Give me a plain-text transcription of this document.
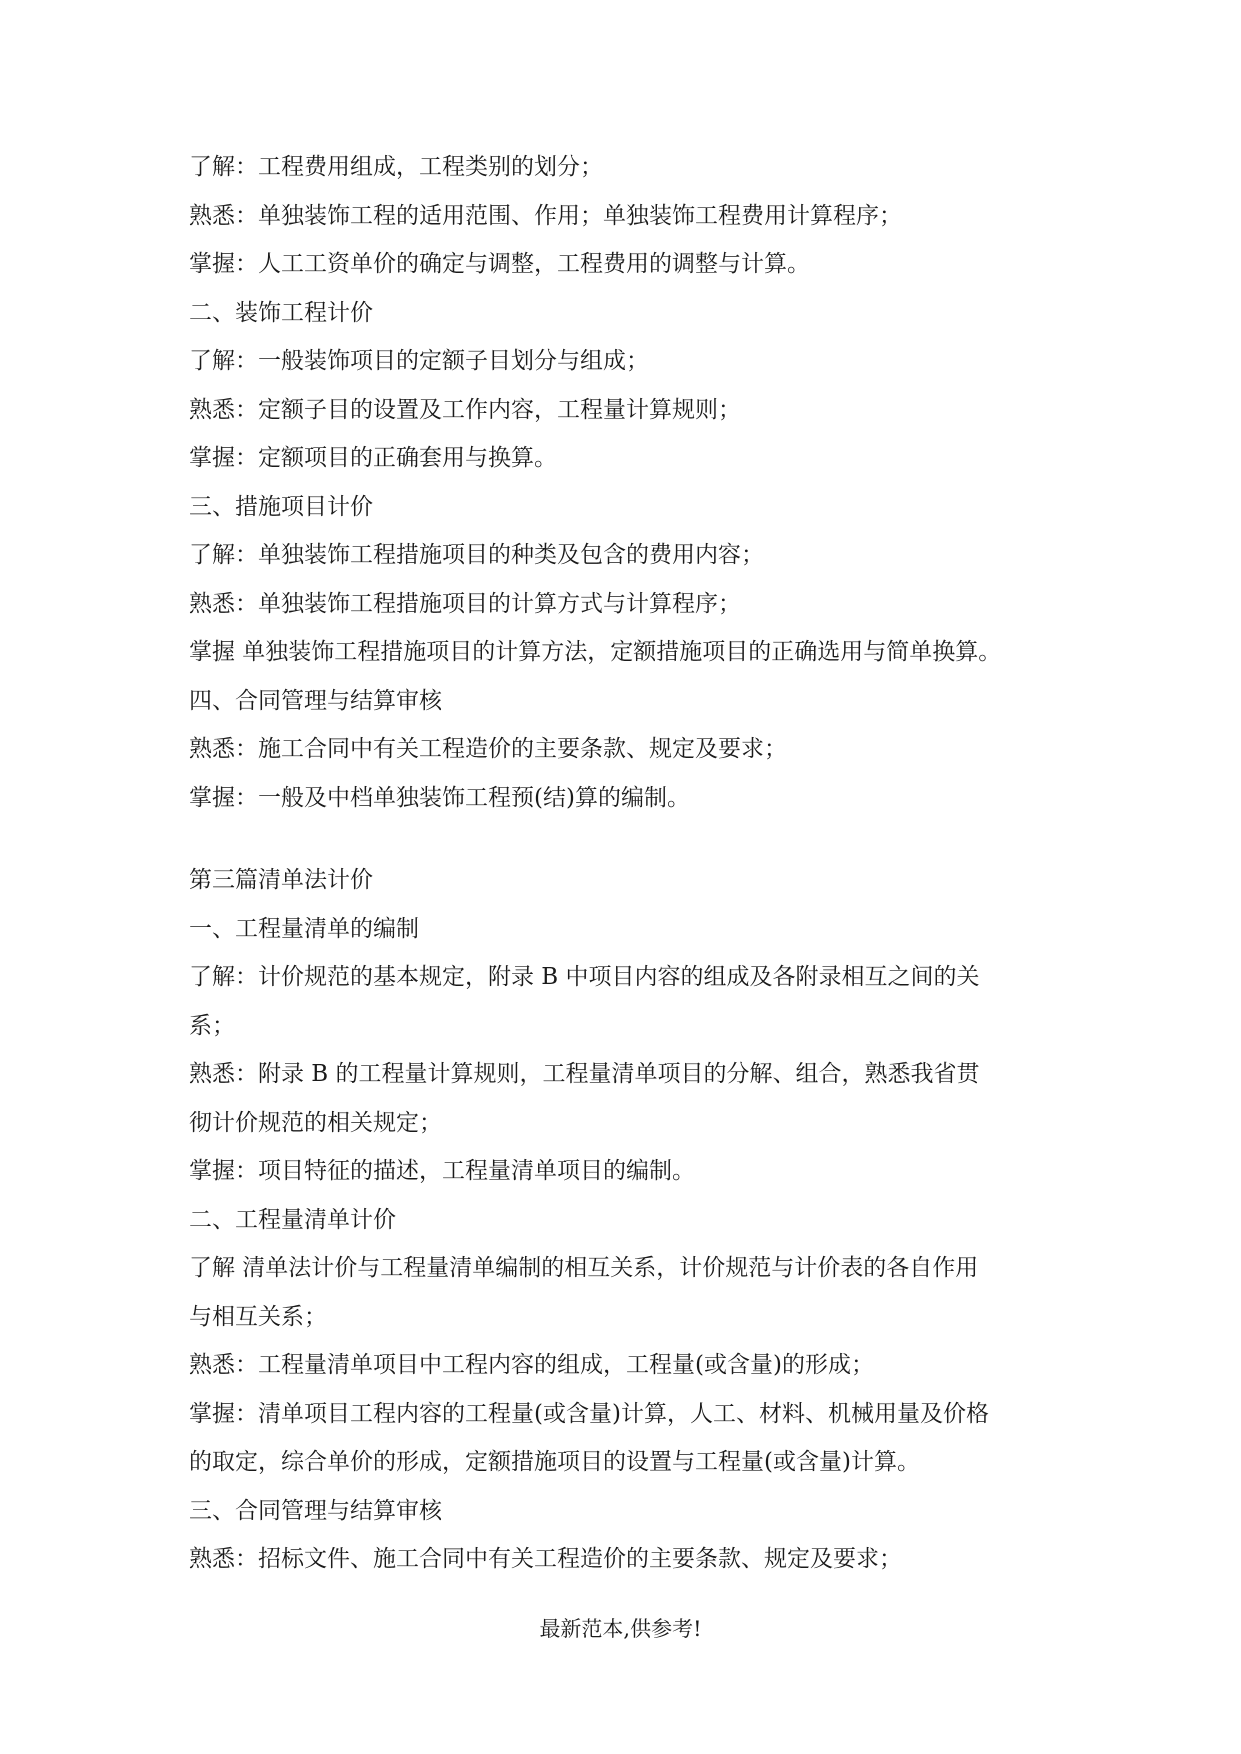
了解：工程费用组成，工程类别的划分；
熟悉：单独装饰工程的适用范围、作用；单独装饰工程费用计算程序；
掌握：人工工资单价的确定与调整，工程费用的调整与计算。
二、装饰工程计价
了解：一般装饰项目的定额子目划分与组成；
熟悉：定额子目的设置及工作内容，工程量计算规则；
掌握：定额项目的正确套用与换算。
三、措施项目计价
了解：单独装饰工程措施项目的种类及包含的费用内容；
熟悉：单独装饰工程措施项目的计算方式与计算程序；
掌握 单独装饰工程措施项目的计算方法，定额措施项目的正确选用与简单换算。
四、合同管理与结算审核
熟悉：施工合同中有关工程造价的主要条款、规定及要求；
掌握：一般及中档单独装饰工程预(结)算的编制。
第三篇清单法计价
一、工程量清单的编制
了解：计价规范的基本规定，附录 B 中项目内容的组成及各附录相互之间的关
系；
熟悉：附录 B 的工程量计算规则，工程量清单项目的分解、组合，熟悉我省贯
彻计价规范的相关规定；
掌握：项目特征的描述，工程量清单项目的编制。
二、工程量清单计价
了解 清单法计价与工程量清单编制的相互关系，计价规范与计价表的各自作用
与相互关系；
熟悉：工程量清单项目中工程内容的组成，工程量(或含量)的形成；
掌握：清单项目工程内容的工程量(或含量)计算，人工、材料、机械用量及价格
的取定，综合单价的形成，定额措施项目的设置与工程量(或含量)计算。
三、合同管理与结算审核
熟悉：招标文件、施工合同中有关工程造价的主要条款、规定及要求；
最新范本,供参考!
